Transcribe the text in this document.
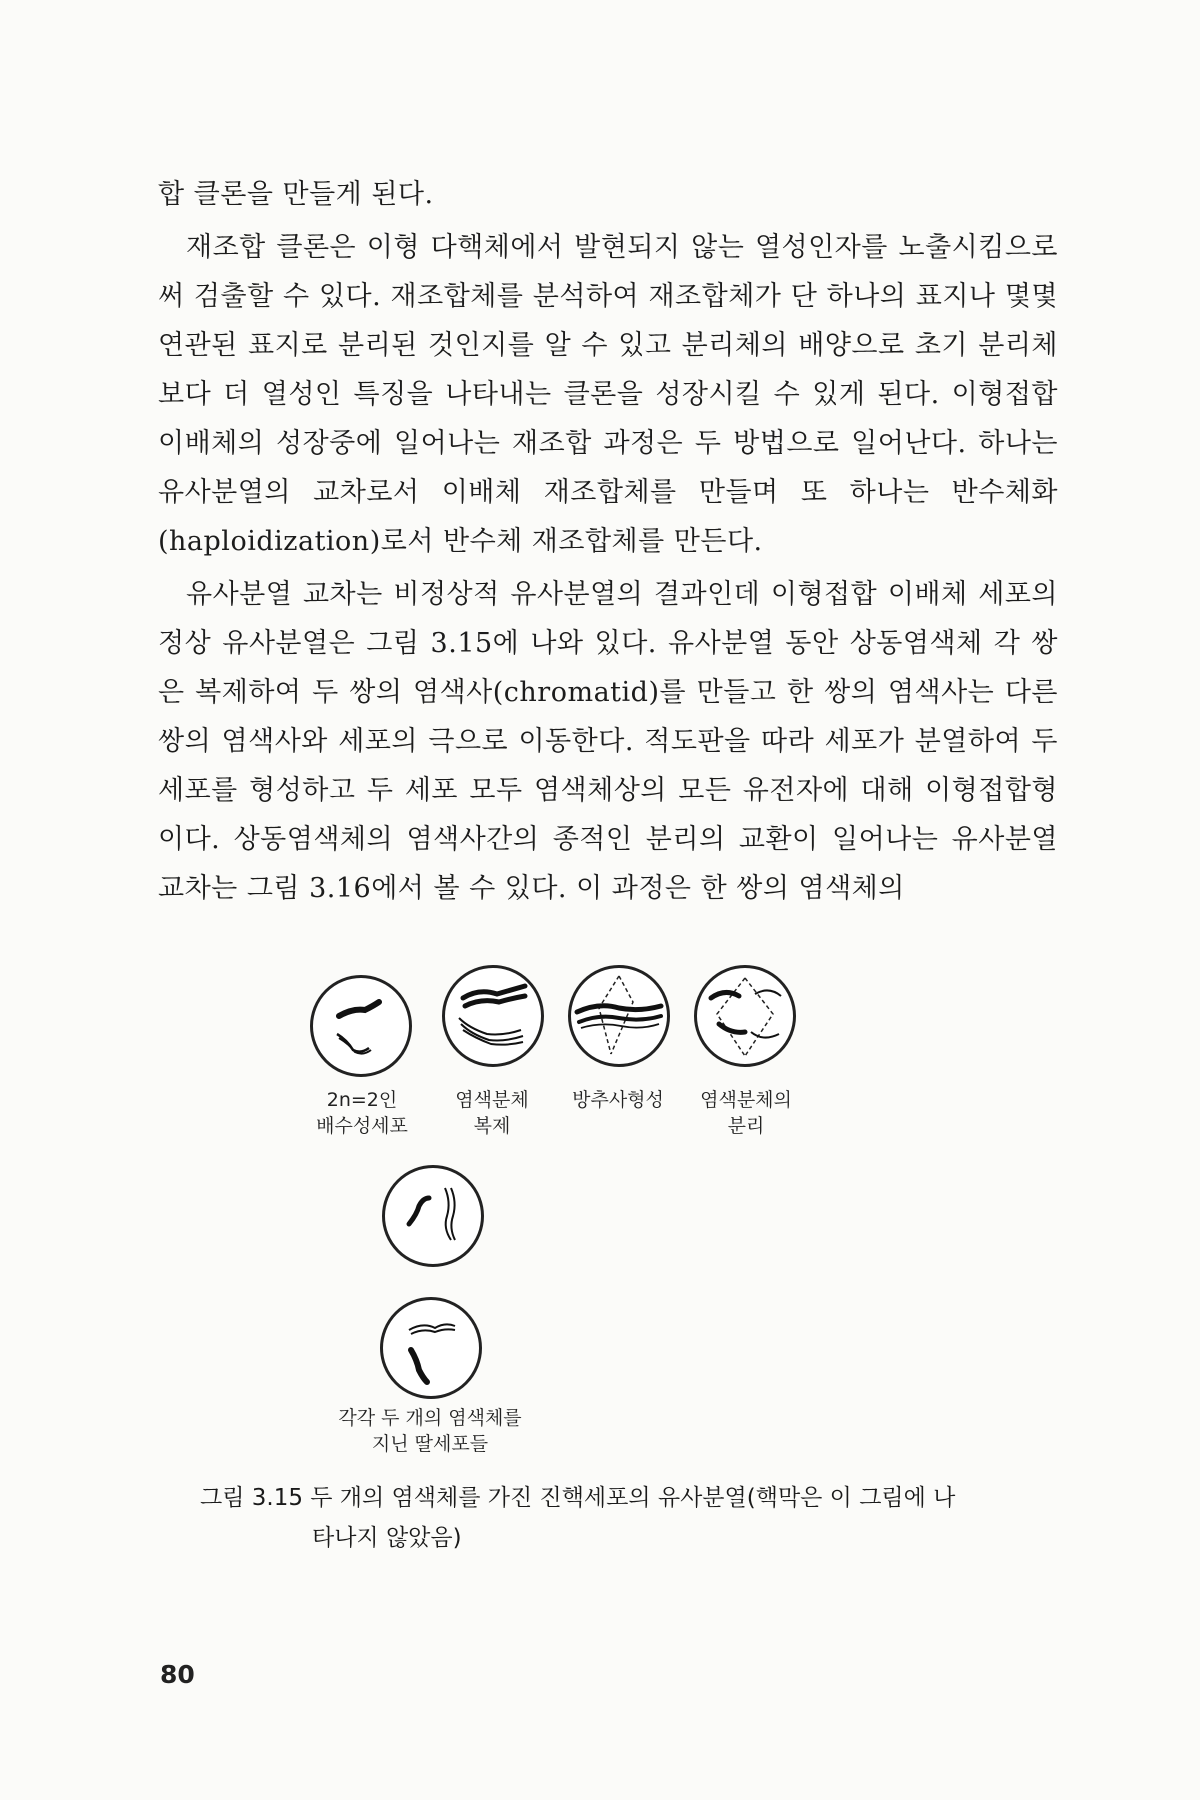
합 클론을 만들게 된다.

재조합 클론은 이형 다핵체에서 발현되지 않는 열성인자를 노출시킴으로써 검출할 수 있다. 재조합체를 분석하여 재조합체가 단 하나의 표지나 몇몇 연관된 표지로 분리된 것인지를 알 수 있고 분리체의 배양으로 초기 분리체보다 더 열성인 특징을 나타내는 클론을 성장시킬 수 있게 된다. 이형접합 이배체의 성장중에 일어나는 재조합 과정은 두 방법으로 일어난다. 하나는 유사분열의 교차로서 이배체 재조합체를 만들며 또 하나는 반수체화(haploidization)로서 반수체 재조합체를 만든다.

유사분열 교차는 비정상적 유사분열의 결과인데 이형접합 이배체 세포의 정상 유사분열은 그림 3.15에 나와 있다. 유사분열 동안 상동염색체 각 쌍은 복제하여 두 쌍의 염색사(chromatid)를 만들고 한 쌍의 염색사는 다른 쌍의 염색사와 세포의 극으로 이동한다. 적도판을 따라 세포가 분열하여 두 세포를 형성하고 두 세포 모두 염색체상의 모든 유전자에 대해 이형접합형이다. 상동염색체의 염색사간의 종적인 분리의 교환이 일어나는 유사분열 교차는 그림 3.16에서 볼 수 있다. 이 과정은 한 쌍의 염색체의

2n=2인
배수성세포
염색분체
복제
방추사형성	염색분체의
분리
각각 두 개의 염색체를
지닌 딸세포들
그림 3.15 두 개의 염색체를 가진 진핵세포의 유사분열(핵막은 이 그림에 나
타나지 않았음)
80
